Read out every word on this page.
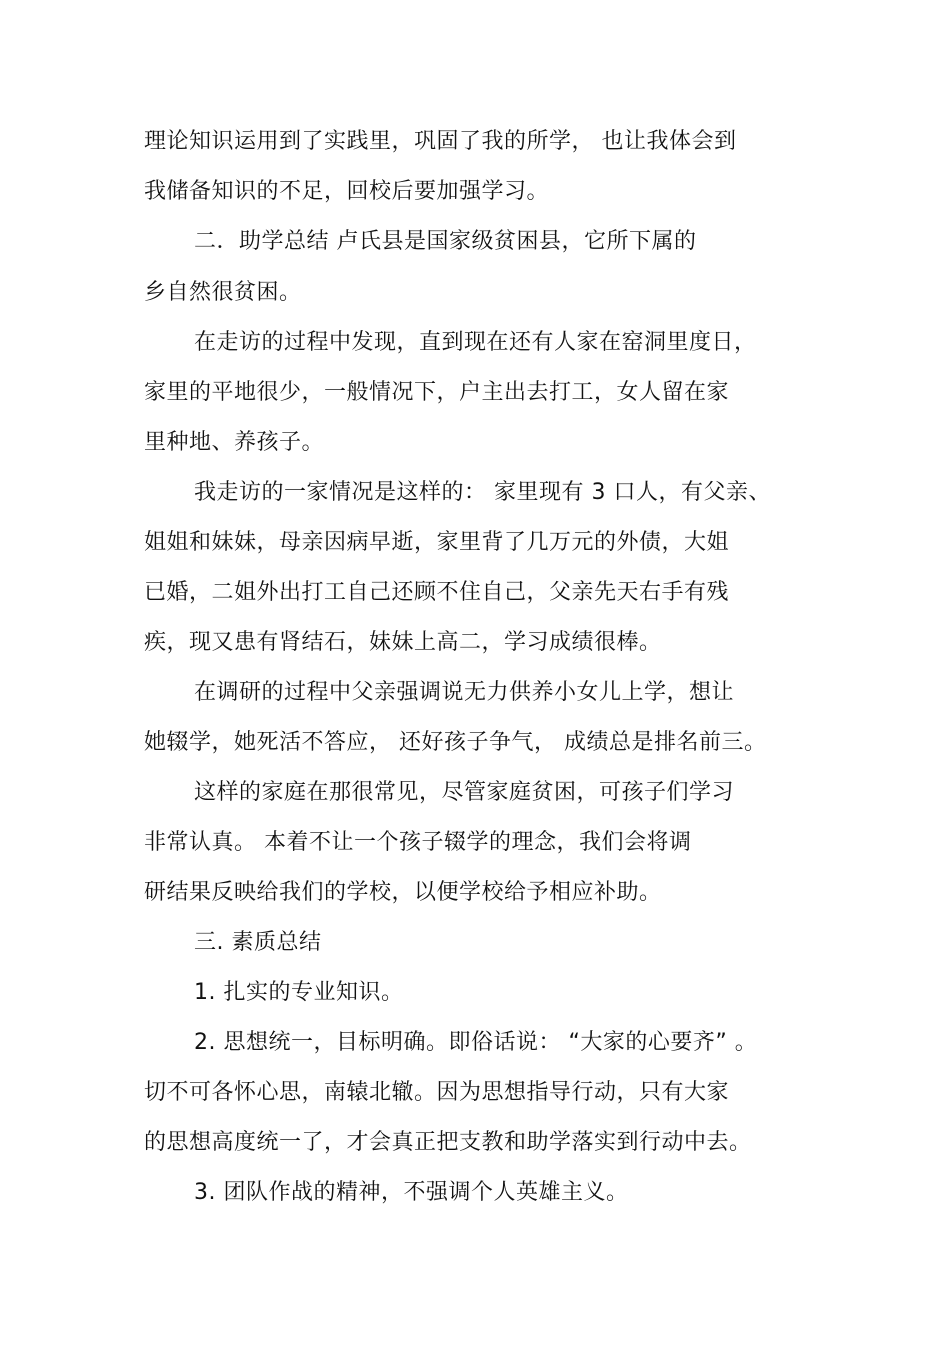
理论知识运用到了实践里，巩固了我的所学， 也让我体会到
我储备知识的不足，回校后要加强学习。
二．助学总结 卢氏县是国家级贫困县，它所下属的
乡自然很贫困。
在走访的过程中发现，直到现在还有人家在窑洞里度日，
家里的平地很少，一般情况下，户主出去打工，女人留在家
里种地、养孩子。
我走访的一家情况是这样的： 家里现有 3 口人，有父亲、
姐姐和妹妹，母亲因病早逝，家里背了几万元的外债，大姐
已婚，二姐外出打工自己还顾不住自己，父亲先天右手有残
疾，现又患有肾结石，妹妹上高二，学习成绩很棒。
在调研的过程中父亲强调说无力供养小女儿上学，想让
她辍学，她死活不答应， 还好孩子争气， 成绩总是排名前三。
这样的家庭在那很常见，尽管家庭贫困，可孩子们学习
非常认真。 本着不让一个孩子辍学的理念，我们会将调
研结果反映给我们的学校，以便学校给予相应补助。
三. 素质总结
1. 扎实的专业知识。
2. 思想统一，目标明确。即俗话说： “大家的心要齐” 。
切不可各怀心思，南辕北辙。因为思想指导行动，只有大家
的思想高度统一了，才会真正把支教和助学落实到行动中去。
3. 团队作战的精神，不强调个人英雄主义。
